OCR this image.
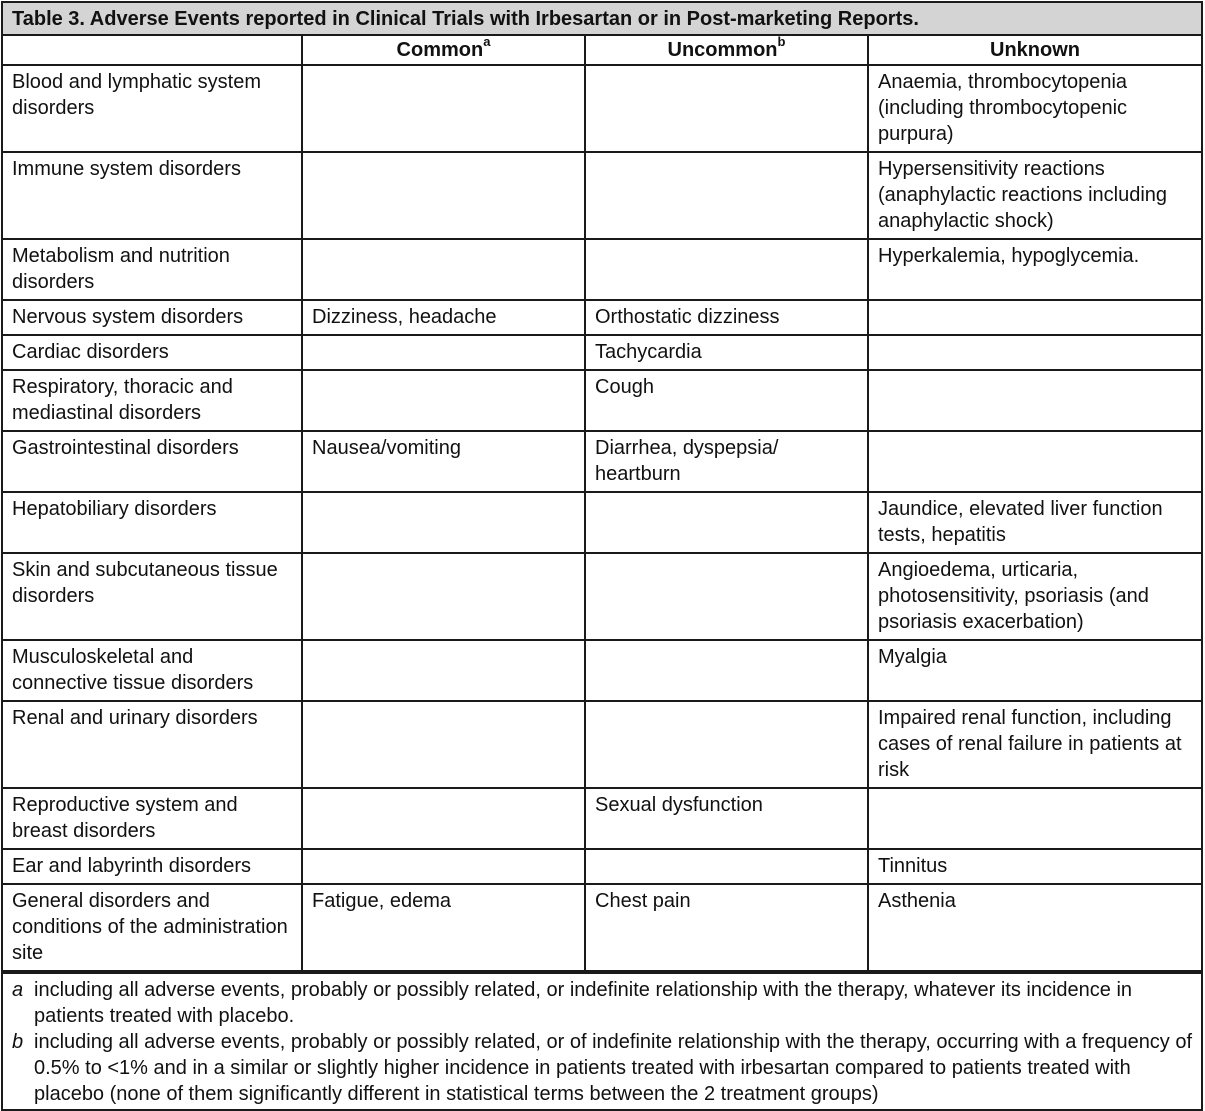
Table 3. Adverse Events reported in Clinical Trials with Irbesartan or in Post-marketing Reports.
	Common$^a$	Uncommon$^b$	Unknown
Blood and lymphatic system disorders			Anaemia, thrombocytopenia (including thrombocytopenic purpura)
Immune system disorders			Hypersensitivity reactions (anaphylactic reactions including anaphylactic shock)
Metabolism and nutrition disorders			Hyperkalemia, hypoglycemia.
Nervous system disorders	Dizziness, headache	Orthostatic dizziness	
Cardiac disorders		Tachycardia	
Respiratory, thoracic and mediastinal disorders		Cough	
Gastrointestinal disorders	Nausea/vomiting	Diarrhea, dyspepsia/ heartburn	
Hepatobiliary disorders			Jaundice, elevated liver function tests, hepatitis
Skin and subcutaneous tissue disorders			Angioedema, urticaria, photosensitivity, psoriasis (and psoriasis exacerbation)
Musculoskeletal and connective tissue disorders			Myalgia
Renal and urinary disorders			Impaired renal function, including cases of renal failure in patients at risk
Reproductive system and breast disorders		Sexual dysfunction	
Ear and labyrinth disorders			Tinnitus
General disorders and conditions of the administration site	Fatigue, edema	Chest pain	Asthenia
a including all adverse events, probably or possibly related, or indefinite relationship with the therapy, whatever its incidence in patients treated with placebo.
b including all adverse events, probably or possibly related, or of indefinite relationship with the therapy, occurring with a frequency of 0.5% to <1% and in a similar or slightly higher incidence in patients treated with irbesartan compared to patients treated with placebo (none of them significantly different in statistical terms between the 2 treatment groups)
